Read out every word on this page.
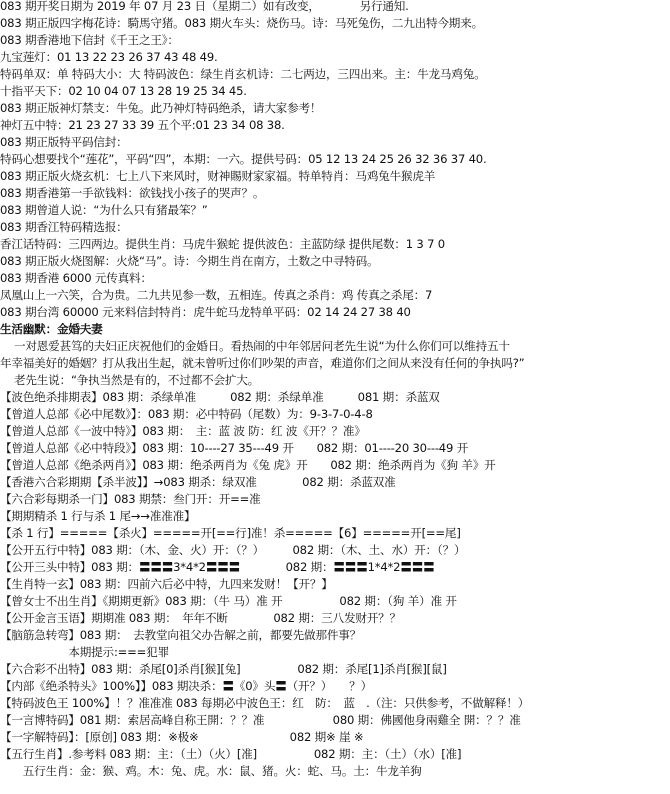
083 期开奖日期为 2019 年 07 月 23 日（星期二）如有改变，　　　　另行通知.
083 期正版四字梅花诗：騎馬守猪。083 期火车头：烧伤马。诗：马死兔伤，二九出特今期来。
083 期香港地下信封《千王之王》：
九宝莲灯：01 13 22 23 26 37 43 48 49.
特码单双：单 特码大小：大 特码波色：绿生肖玄机诗：二七两边，三四出来。主：牛龙马鸡兔。
十指平天下：02 10 04 07 13 28 19 25 34 45.
083 期正版神灯禁支：牛兔。此乃神灯特码绝杀，请大家参考！
神灯五中特：21 23 27 33 39 五个平:01 23 34 08 38.
083 期正版特平码信封：
特码心想要找个“莲花”，平码“四”，本期：一六。提供号码：05 12 13 24 25 26 32 36 37 40.
083 期正版火烧玄机：七上八下来风时，财神賜财家家福。特单特肖：马鸡兔牛猴虎羊
083 期香港第一手欲钱料：欲钱找小孩子的哭声？。
083 期曾道人说：“为什么只有猪最笨？”
083 期香江特码精选报：
香江话特码：三四两边。提供生肖：马虎牛猴蛇 提供波色：主蓝防绿 提供尾数：1 3 7 0
083 期正版火烧图解：火烧“马”。诗：今期生肖在南方，土数之中寻特码。
083 期香港 6000 元传真料：
凤凰山上一六笑，合为贵。二九共见参一数，五相连。传真之杀肖：鸡 传真之杀尾：7
083 期台湾 60000 元来料信封特肖：虎牛蛇马龙特单平码：02 14 24 27 38 40
生活幽默：金婚夫妻
一对恩爱甚笃的夫妇正庆祝他们的金婚日。看热闹的中年邻居问老先生说“为什么你们可以维持五十
年幸福美好的婚姻？打从我出生起，就未曾听过你们吵架的声音，难道你们之间从来没有任何的争执吗?”
老先生说：“争执当然是有的，不过都不会扩大。
【波色绝杀排期表】083 期：杀绿单准　　　082 期：杀绿单准　　　081 期：杀蓝双
【曾道人总部《必中尾数》】：083 期：必中特码（尾数）为：9-3-7-0-4-8
【曾道人总部《一波中特》】083 期：　主：蓝 波 防：红 波《开？？准》
【曾道人总部《必中特段》】083 期：10----27 35---49 开　　082 期：01----20 30---49 开
【曾道人总部《绝杀两肖》】083 期：绝杀两肖为《兔 虎》开　　082 期：绝杀两肖为《狗 羊》开
【香港六合彩期期【杀半波】】→083 期杀：绿双准　　　　082 期：杀蓝双准
【六合彩每期杀一门】083 期禁：叁门开：开==准
【期期精杀 1 行与杀 1 尾→→准准准】
【杀 1 行】=====【杀火】=====开[==行]准！杀=====【6】=====开[==尾]
【公开五行中特】083 期：（木、金、火）开：（？）　　　082 期：（木、土、水）开：（？）
【公开三头中特】083 期：〓〓〓3*4*2〓〓〓　　　　082 期：〓〓〓1*4*2〓〓〓
【生肖特一玄】083 期：四前六后必中特，九四来发财！【开？】
【曾女士不出生肖】《期期更新》083 期：（牛 马）准 开　　　　　082 期：（狗 羊）准 开
【公开金言玉语】期期准 083 期：　年年不断　　　　082 期：三八发财开？？
【脑筋急转弯】083 期：　去教堂向祖父办告解之前，都要先做那件事？
　　　　　　本期提示:===犯罪
【六合彩不出特】083 期：杀尾[0]杀肖[猴][兔]　　　　　082 期：杀尾[1]杀肖[猴][鼠]
【内部《绝杀特头》100%】】083 期决杀：〓《0》头〓（开？）　　？）
【特码波色王 100%】！？准准准 083 每期必中波色王：红　防：　蓝　.（注：只供参考，不做解释！）
【一言博特码】081 期：索居高峰自称王開：？？准　　　　　　080 期：佛國他身兩雞全 開：？？准
【一字解特码】：[原创] 083 期：※极※　　　　　　　　082 期※ 崖 ※
【五行生肖】.参考料 083 期：主：（土）（火）[准]　　　　　082 期：主：（土）（水）[准]
　　五行生肖：金：猴、鸡。木：兔、虎。水：鼠、猪。火：蛇、马。土：牛龙羊狗
